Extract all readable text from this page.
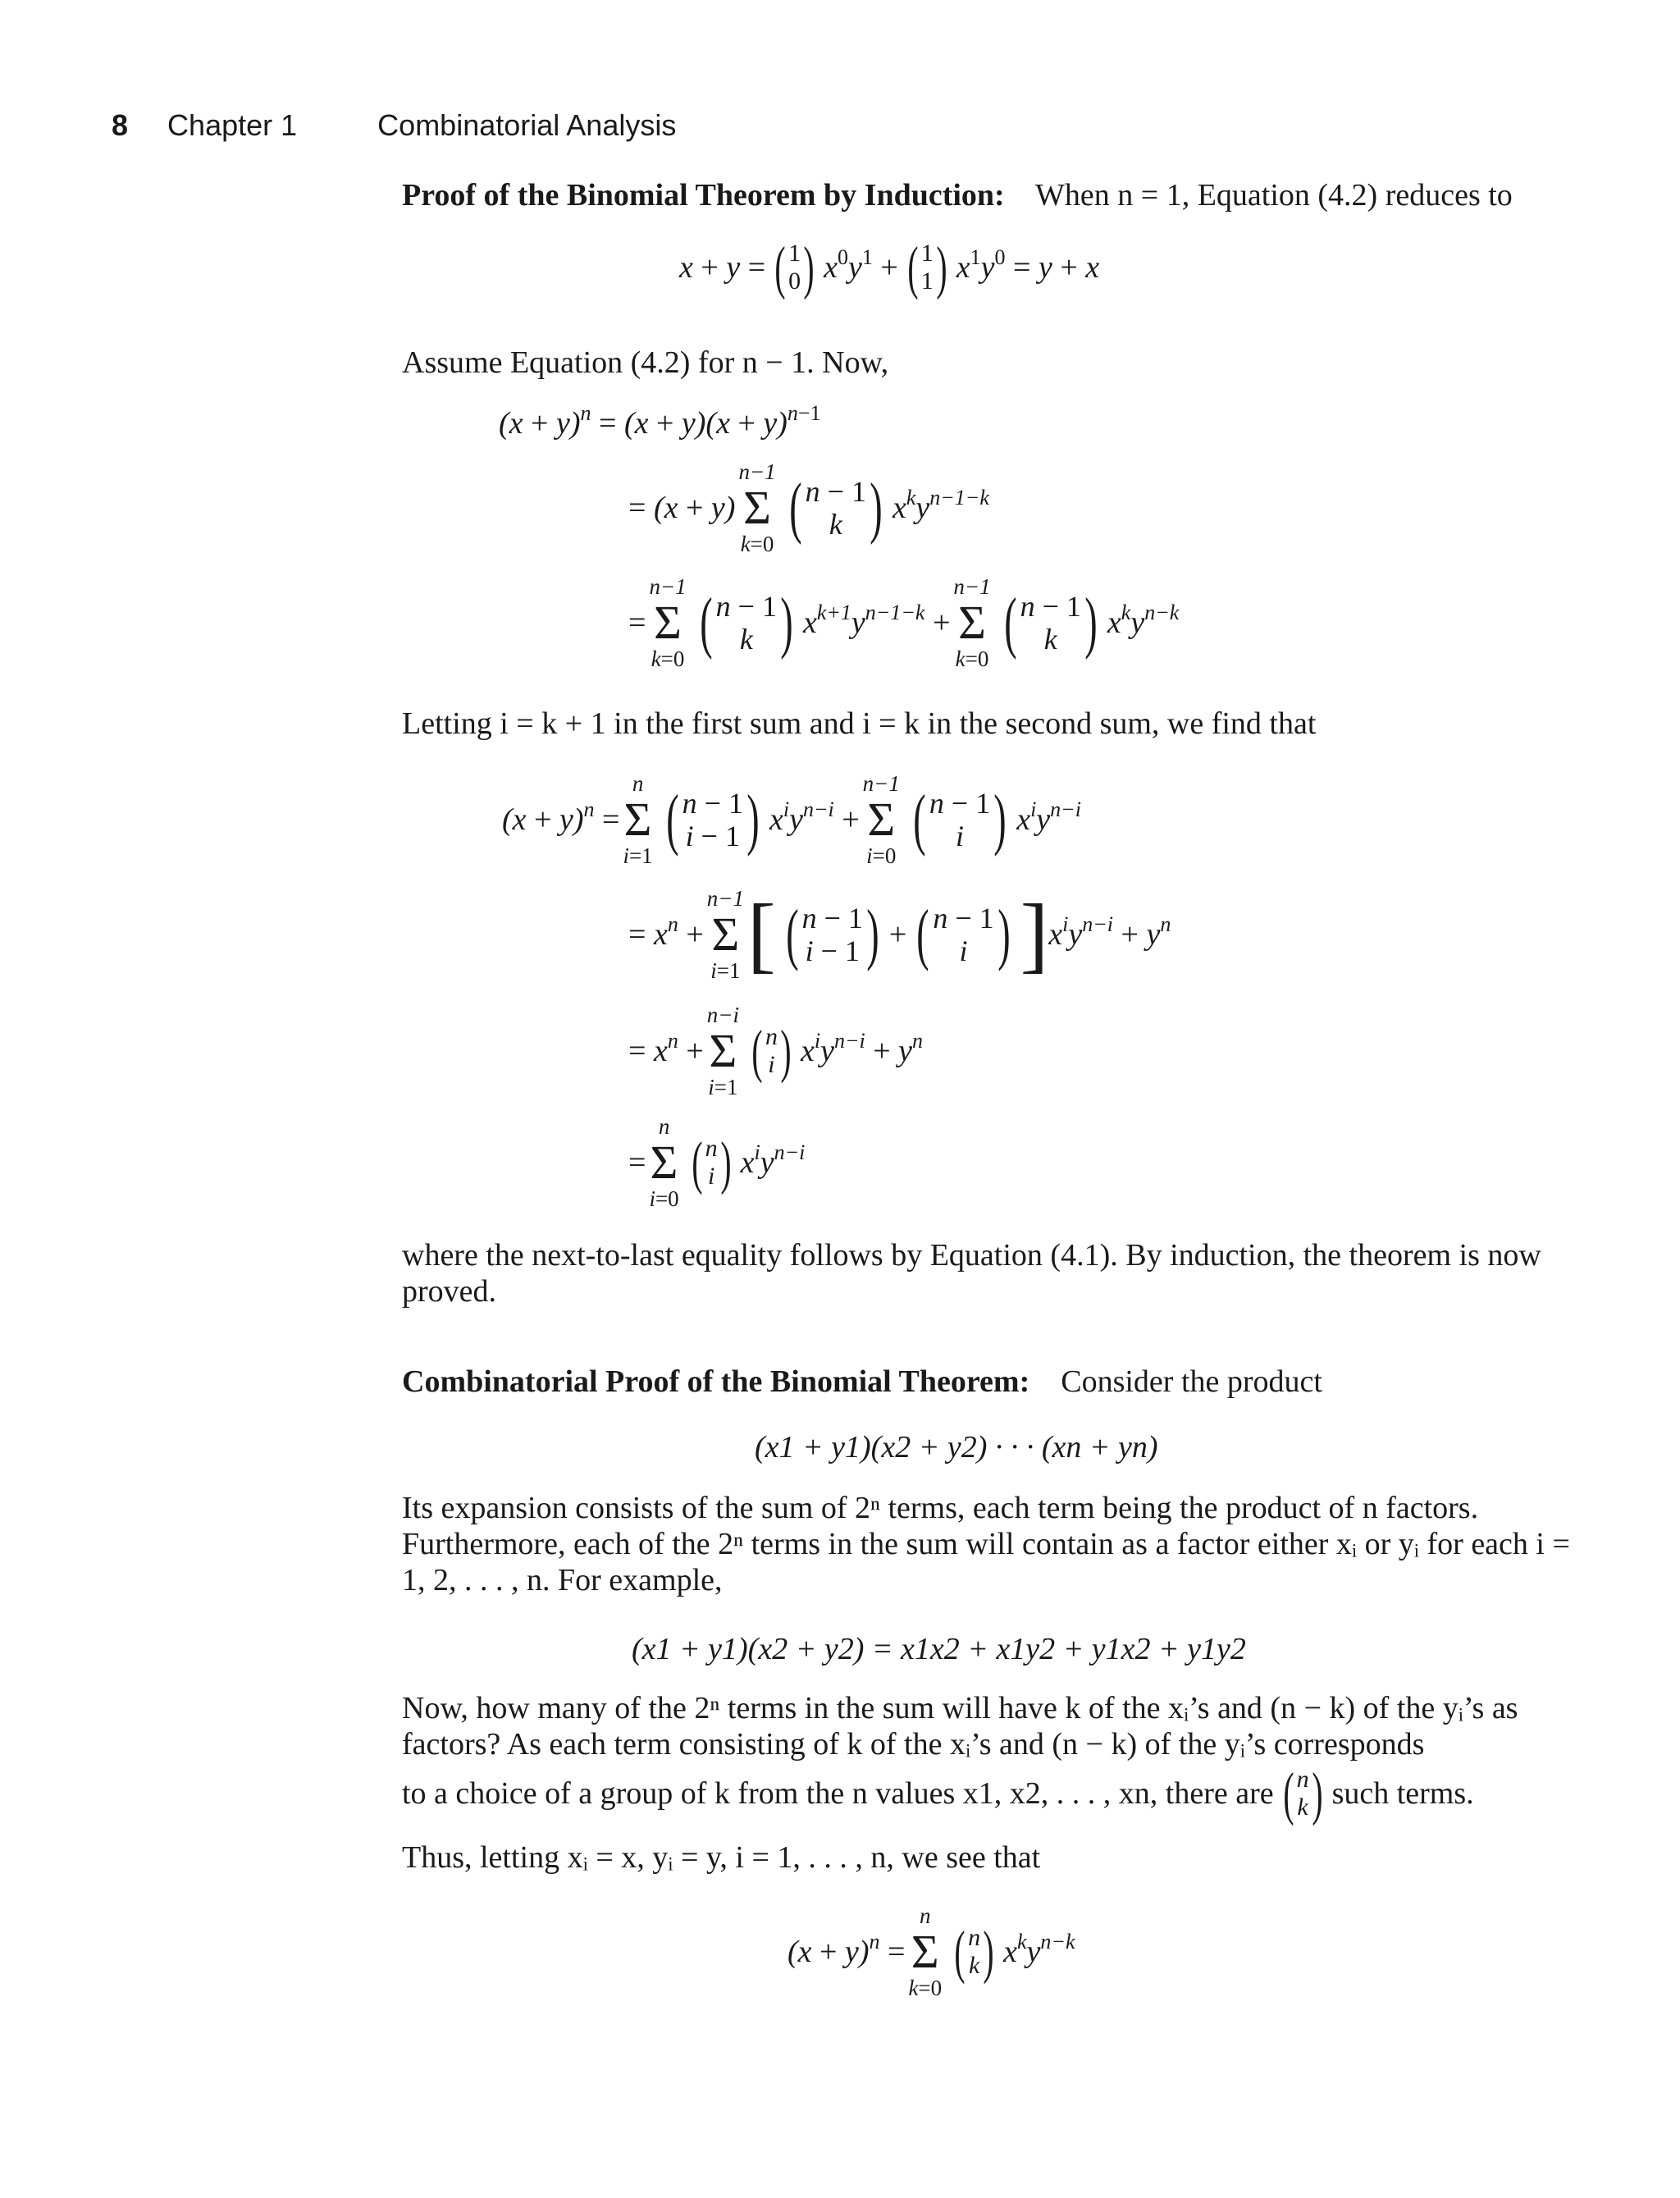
8 Chapter 1	Combinatorial Analysis
Proof of the Binomial Theorem by Induction: When n = 1, Equation (4.2) reduces to
x + y = ( 1
0 ) $x^0y^1$ + ( 1
1 ) $x^1y^0 = y + x$
Assume Equation (4.2) for n − 1. Now,
$(x + y)^n = (x + y)(x + y)^{n-1}$
= (x + y)
n−1
Σ
k=0 ( n − 1
k ) $x^ky^{n-1-k}$
=
n−1
Σ
k=0 ( n − 1
k ) $x^{k+1}y^{n-1-k}$ +
n−1
Σ
k=0 ( n − 1
k ) $x^ky^{n-k}$
Letting i = k + 1 in the first sum and i = k in the second sum, we find that
$(x + y)^n$ =
n
Σ
i=1 ( n − 1
i − 1 ) $x^iy^{n-i}$ +
n−1
Σ
i=0 ( n − 1
i ) $x^iy^{n-i}$
= $x^n$ +
n−1
Σ
i=1 [ ( n − 1
i − 1 ) + ( n − 1
i ) ] $x^iy^{n-i} + y^n$
= $x^n$ +
n−i
Σ
i=1
( n
i ) $x^iy^{n-i} + y^n$
=
n
Σ
i=0
( n
i ) $x^iy^{n-i}$
where the next-to-last equality follows by Equation (4.1). By induction, the theorem is now proved.
Combinatorial Proof of the Binomial Theorem: Consider the product
(x1 + y1)(x2 + y2) · · · (xn + yn)
Its expansion consists of the sum of 2ⁿ terms, each term being the product of n factors. Furthermore, each of the 2ⁿ terms in the sum will contain as a factor either xᵢ or yᵢ for each i = 1, 2, . . . , n. For example,
(x1 + y1)(x2 + y2) = x1x2 + x1y2 + y1x2 + y1y2
Now, how many of the 2ⁿ terms in the sum will have k of the xᵢ’s and (n − k) of the yᵢ’s as factors? As each term consisting of k of the xᵢ’s and (n − k) of the yᵢ’s corresponds
to a choice of a group of k from the n values x1, x2, . . . , xn, there are ( n
k ) such terms.
Thus, letting xᵢ = x, yᵢ = y, i = 1, . . . , n, we see that
$(x + y)^n$ =
n
Σ
k=0
( n
k ) $x^ky^{n-k}$
